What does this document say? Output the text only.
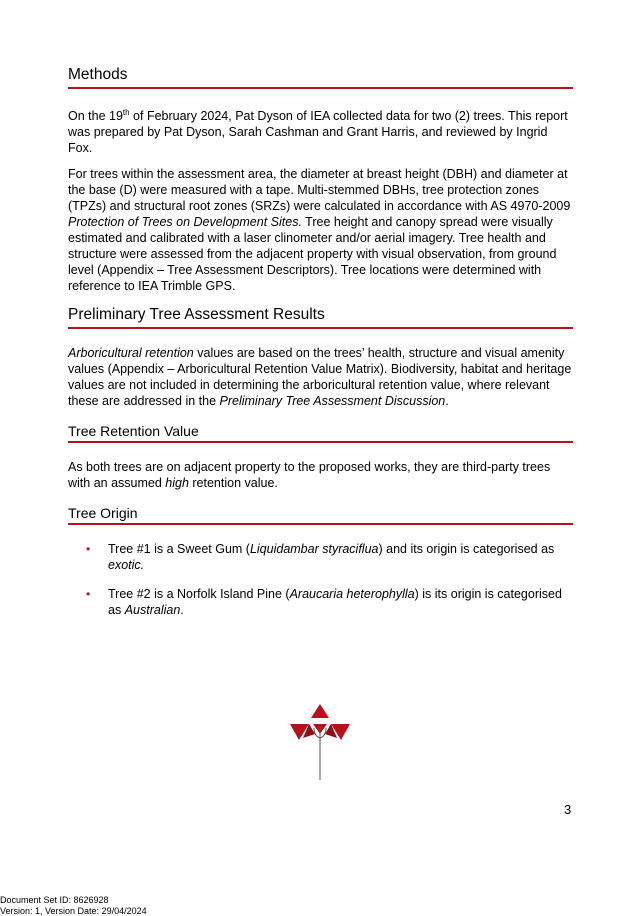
Methods

On the 19th of February 2024, Pat Dyson of IEA collected data for two (2) trees. This report was prepared by Pat Dyson, Sarah Cashman and Grant Harris, and reviewed by Ingrid Fox.

For trees within the assessment area, the diameter at breast height (DBH) and diameter at the base (D) were measured with a tape. Multi-stemmed DBHs, tree protection zones (TPZs) and structural root zones (SRZs) were calculated in accordance with AS 4970-2009 Protection of Trees on Development Sites. Tree height and canopy spread were visually estimated and calibrated with a laser clinometer and/or aerial imagery. Tree health and structure were assessed from the adjacent property with visual observation, from ground level (Appendix – Tree Assessment Descriptors). Tree locations were determined with reference to IEA Trimble GPS.

Preliminary Tree Assessment Results

Arboricultural retention values are based on the trees’ health, structure and visual amenity values (Appendix – Arboricultural Retention Value Matrix). Biodiversity, habitat and heritage values are not included in determining the arboricultural retention value, where relevant these are addressed in the Preliminary Tree Assessment Discussion.

Tree Retention Value

As both trees are on adjacent property to the proposed works, they are third-party trees with an assumed high retention value.

Tree Origin
• Tree #1 is a Sweet Gum (Liquidambar styraciflua) and its origin is categorised as exotic.
• Tree #2 is a Norfolk Island Pine (Araucaria heterophylla) is its origin is categorised as Australian.
3
Document Set ID: 8626928
Version: 1, Version Date: 29/04/2024
